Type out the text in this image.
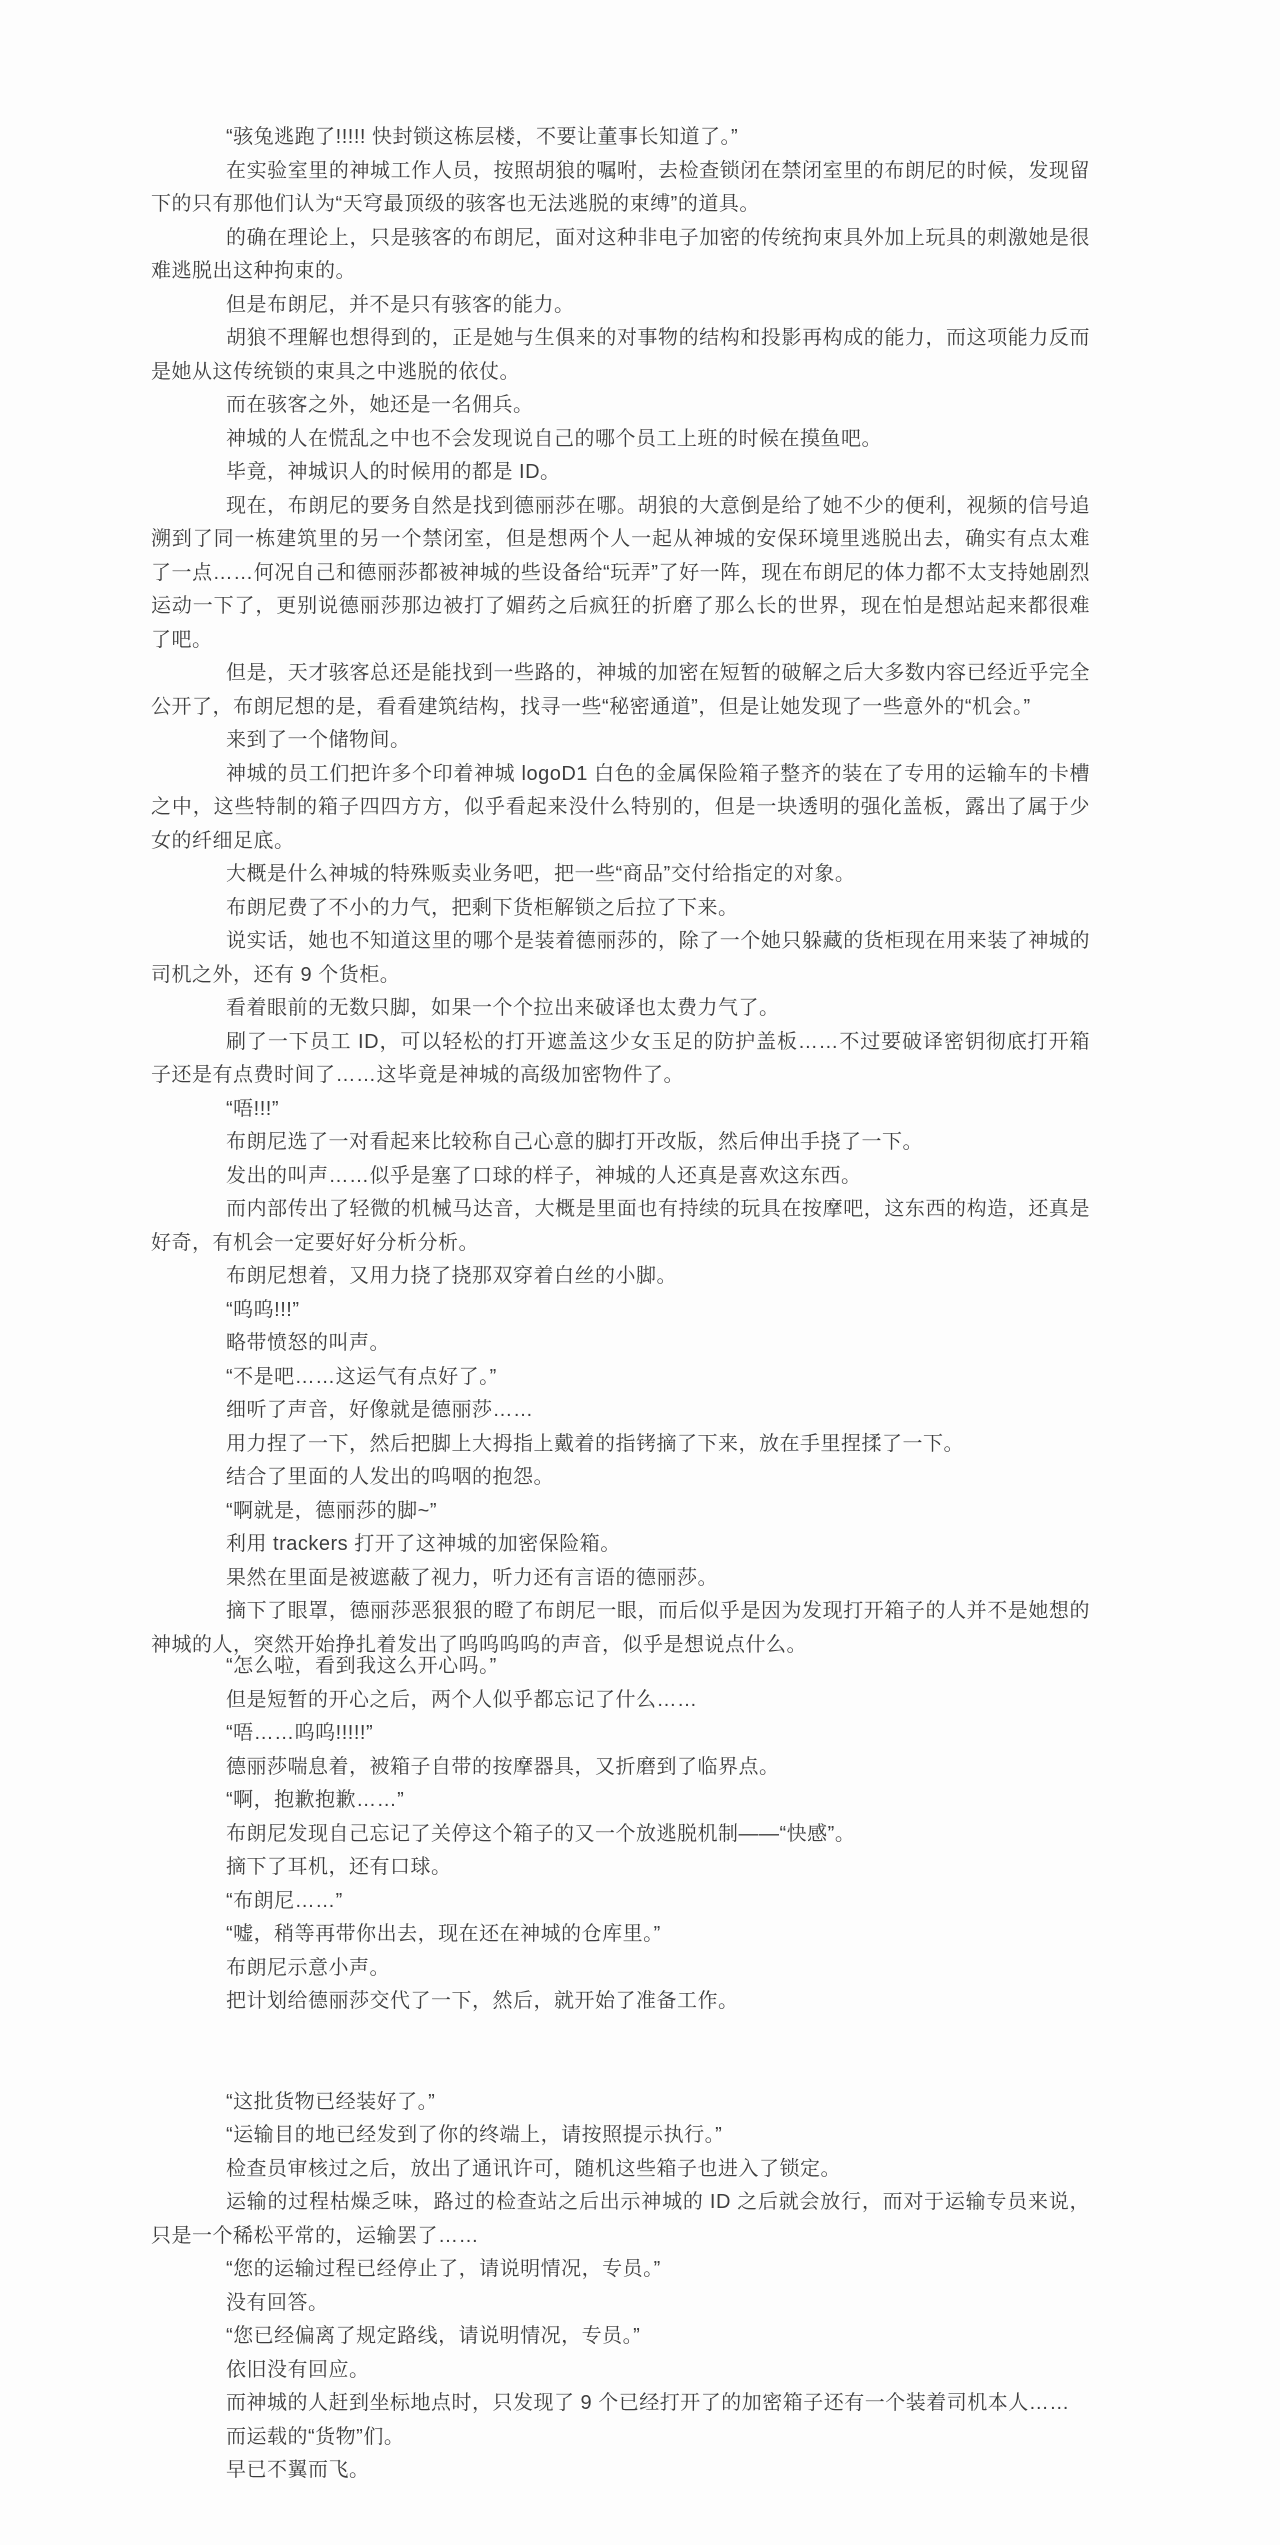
“骇兔逃跑了!!!!! 快封锁这栋层楼，不要让董事长知道了。”

在实验室里的神城工作人员，按照胡狼的嘱咐，去检查锁闭在禁闭室里的布朗尼的时候，发现留下的只有那他们认为“天穹最顶级的骇客也无法逃脱的束缚”的道具。

的确在理论上，只是骇客的布朗尼，面对这种非电子加密的传统拘束具外加上玩具的刺激她是很难逃脱出这种拘束的。

但是布朗尼，并不是只有骇客的能力。

胡狼不理解也想得到的，正是她与生俱来的对事物的结构和投影再构成的能力，而这项能力反而是她从这传统锁的束具之中逃脱的依仗。

而在骇客之外，她还是一名佣兵。

神城的人在慌乱之中也不会发现说自己的哪个员工上班的时候在摸鱼吧。

毕竟，神城识人的时候用的都是 ID。

现在，布朗尼的要务自然是找到德丽莎在哪。胡狼的大意倒是给了她不少的便利，视频的信号追溯到了同一栋建筑里的另一个禁闭室，但是想两个人一起从神城的安保环境里逃脱出去，确实有点太难了一点……何况自己和德丽莎都被神城的些设备给“玩弄”了好一阵，现在布朗尼的体力都不太支持她剧烈运动一下了，更别说德丽莎那边被打了媚药之后疯狂的折磨了那么长的世界，现在怕是想站起来都很难了吧。

但是，天才骇客总还是能找到一些路的，神城的加密在短暂的破解之后大多数内容已经近乎完全公开了，布朗尼想的是，看看建筑结构，找寻一些“秘密通道”，但是让她发现了一些意外的“机会。”

来到了一个储物间。

神城的员工们把许多个印着神城 logoD1 白色的金属保险箱子整齐的装在了专用的运输车的卡槽之中，这些特制的箱子四四方方，似乎看起来没什么特别的，但是一块透明的强化盖板，露出了属于少女的纤细足底。

大概是什么神城的特殊贩卖业务吧，把一些“商品”交付给指定的对象。

布朗尼费了不小的力气，把剩下货柜解锁之后拉了下来。

说实话，她也不知道这里的哪个是装着德丽莎的，除了一个她只躲藏的货柜现在用来装了神城的司机之外，还有 9 个货柜。

看着眼前的无数只脚，如果一个个拉出来破译也太费力气了。

刷了一下员工 ID，可以轻松的打开遮盖这少女玉足的防护盖板……不过要破译密钥彻底打开箱子还是有点费时间了……这毕竟是神城的高级加密物件了。

“唔!!!”

布朗尼选了一对看起来比较称自己心意的脚打开改版，然后伸出手挠了一下。

发出的叫声……似乎是塞了口球的样子，神城的人还真是喜欢这东西。

而内部传出了轻微的机械马达音，大概是里面也有持续的玩具在按摩吧，这东西的构造，还真是好奇，有机会一定要好好分析分析。

布朗尼想着，又用力挠了挠那双穿着白丝的小脚。

“呜呜!!!”

略带愤怒的叫声。

“不是吧……这运气有点好了。”

细听了声音，好像就是德丽莎……

用力捏了一下，然后把脚上大拇指上戴着的指铐摘了下来，放在手里捏揉了一下。

结合了里面的人发出的呜咽的抱怨。

“啊就是，德丽莎的脚~”

利用 trackers 打开了这神城的加密保险箱。

果然在里面是被遮蔽了视力，听力还有言语的德丽莎。

摘下了眼罩，德丽莎恶狠狠的瞪了布朗尼一眼，而后似乎是因为发现打开箱子的人并不是她想的神城的人，突然开始挣扎着发出了呜呜呜呜的声音，似乎是想说点什么。

“怎么啦，看到我这么开心吗。”

但是短暂的开心之后，两个人似乎都忘记了什么……

“唔……呜呜!!!!!”

德丽莎喘息着，被箱子自带的按摩器具，又折磨到了临界点。

“啊，抱歉抱歉……”

布朗尼发现自己忘记了关停这个箱子的又一个放逃脱机制——“快感”。

摘下了耳机，还有口球。

“布朗尼……”

“嘘，稍等再带你出去，现在还在神城的仓库里。”

布朗尼示意小声。

把计划给德丽莎交代了一下，然后，就开始了准备工作。

“这批货物已经装好了。”

“运输目的地已经发到了你的终端上，请按照提示执行。”

检查员审核过之后，放出了通讯许可，随机这些箱子也进入了锁定。

运输的过程枯燥乏味，路过的检查站之后出示神城的 ID 之后就会放行，而对于运输专员来说，只是一个稀松平常的，运输罢了……

“您的运输过程已经停止了，请说明情况，专员。”

没有回答。

“您已经偏离了规定路线，请说明情况，专员。”

依旧没有回应。

而神城的人赶到坐标地点时，只发现了 9 个已经打开了的加密箱子还有一个装着司机本人……

而运载的“货物”们。

早已不翼而飞。
